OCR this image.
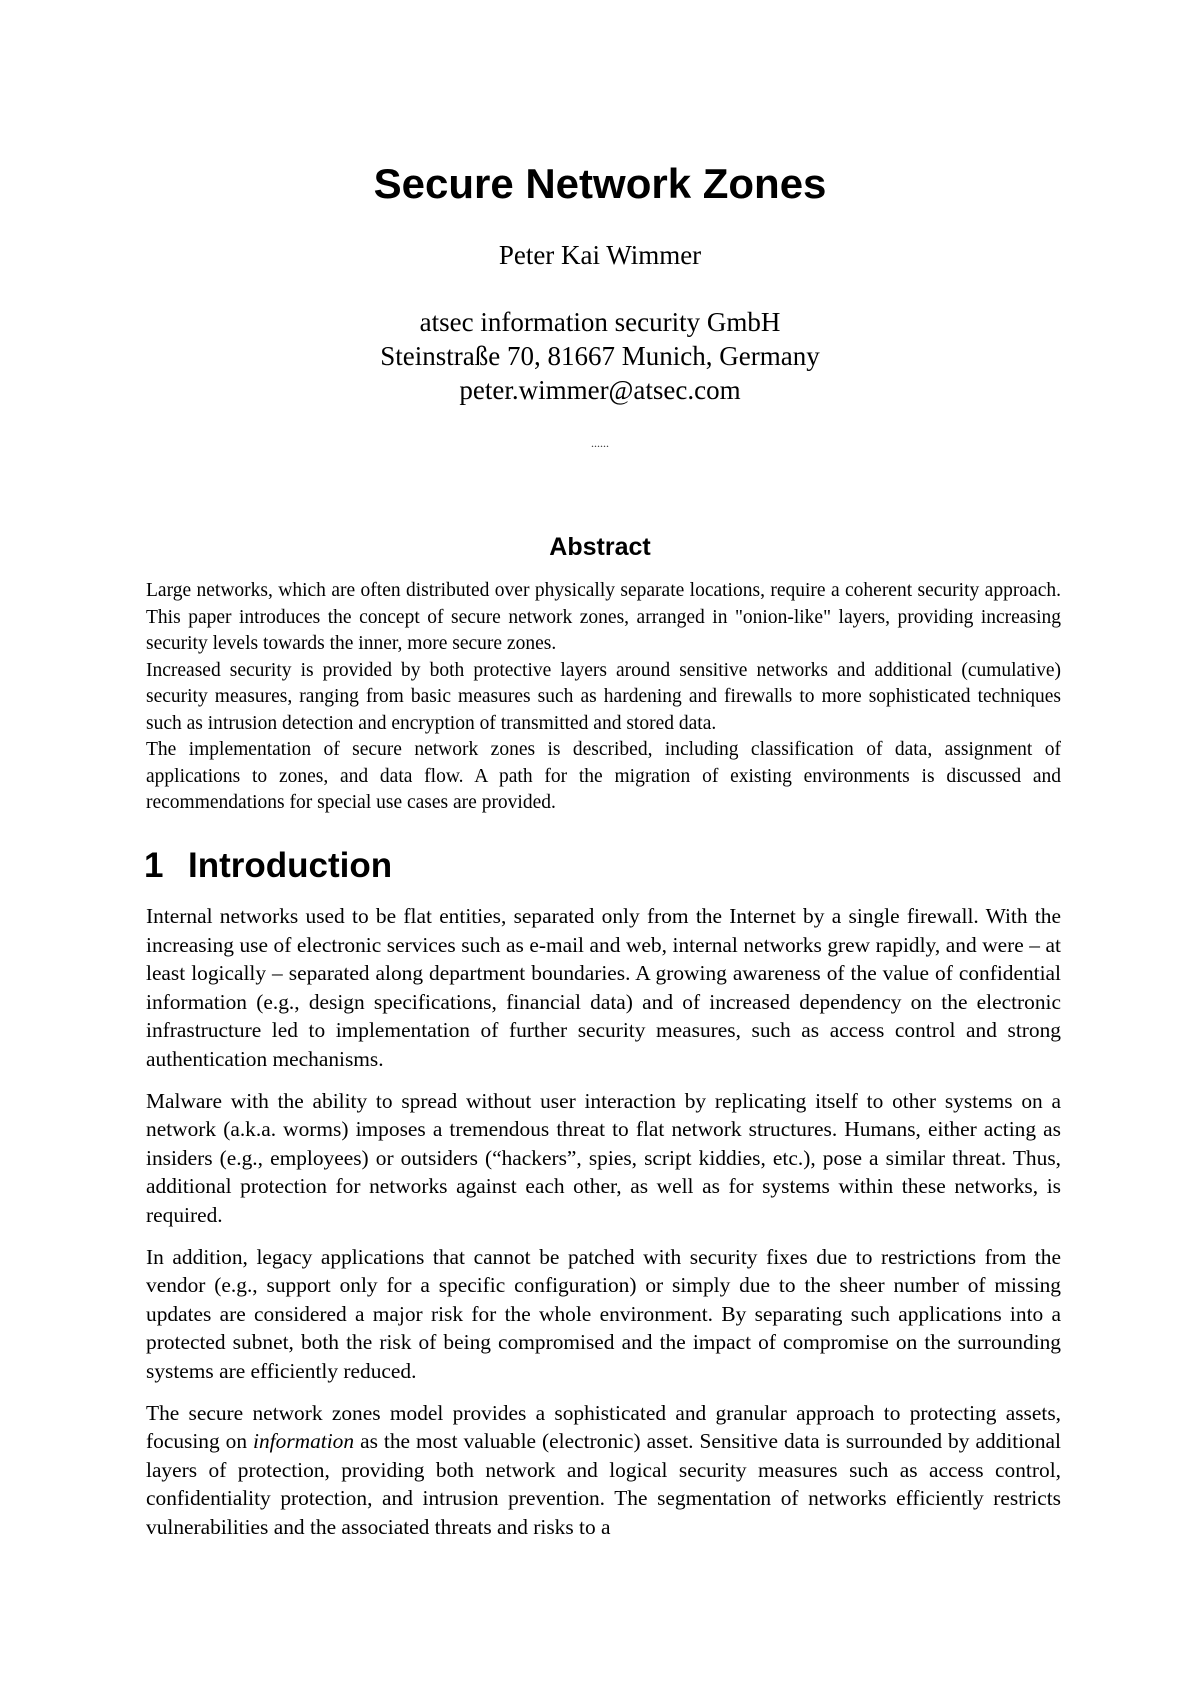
Secure Network Zones
Peter Kai Wimmer
atsec information security GmbH
Steinstraße 70, 81667 Munich, Germany
peter.wimmer@atsec.com
......
Abstract

Large networks, which are often distributed over physically separate locations, require a coherent security approach. This paper introduces the concept of secure network zones, arranged in "onion-like" layers, providing increasing security levels towards the inner, more secure zones.

Increased security is provided by both protective layers around sensitive networks and additional (cumulative) security measures, ranging from basic measures such as hardening and firewalls to more sophisticated techniques such as intrusion detection and encryption of transmitted and stored data.

The implementation of secure network zones is described, including classification of data, assignment of applications to zones, and data flow. A path for the migration of existing environments is discussed and recommendations for special use cases are provided.

1 Introduction

Internal networks used to be flat entities, separated only from the Internet by a single firewall. With the increasing use of electronic services such as e-mail and web, internal networks grew rapidly, and were – at least logically – separated along department boundaries. A growing awareness of the value of confidential information (e.g., design specifications, financial data) and of increased dependency on the electronic infrastructure led to implementation of further security measures, such as access control and strong authentication mechanisms.

Malware with the ability to spread without user interaction by replicating itself to other systems on a network (a.k.a. worms) imposes a tremendous threat to flat network structures. Humans, either acting as insiders (e.g., employees) or outsiders (“hackers”, spies, script kiddies, etc.), pose a similar threat. Thus, additional protection for networks against each other, as well as for systems within these networks, is required.

In addition, legacy applications that cannot be patched with security fixes due to restrictions from the vendor (e.g., support only for a specific configuration) or simply due to the sheer number of missing updates are considered a major risk for the whole environment. By separating such applications into a protected subnet, both the risk of being compromised and the impact of compromise on the surrounding systems are efficiently reduced.

The secure network zones model provides a sophisticated and granular approach to protecting assets, focusing on information as the most valuable (electronic) asset. Sensitive data is surrounded by additional layers of protection, providing both network and logical security measures such as access control, confidentiality protection, and intrusion prevention. The segmentation of networks efficiently restricts vulnerabilities and the associated threats and risks to a
